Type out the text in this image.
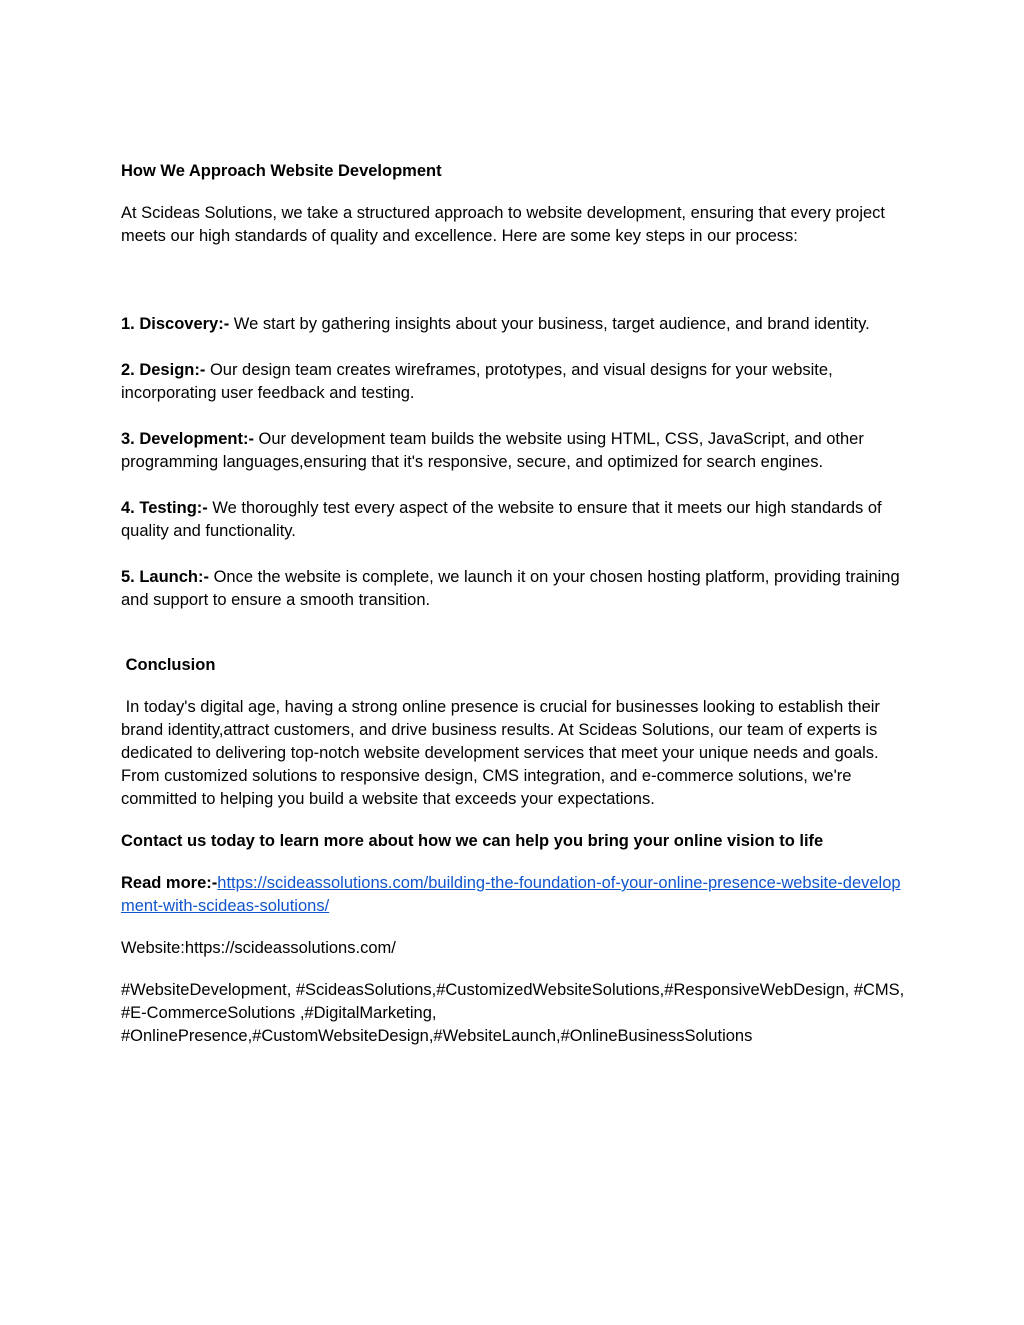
How We Approach Website Development

At Scideas Solutions, we take a structured approach to website development, ensuring that every project meets our high standards of quality and excellence. Here are some key steps in our process:

1. Discovery:- We start by gathering insights about your business, target audience, and brand identity.

2. Design:- Our design team creates wireframes, prototypes, and visual designs for your website, incorporating user feedback and testing.

3. Development:- Our development team builds the website using HTML, CSS, JavaScript, and other programming languages,ensuring that it's responsive, secure, and optimized for search engines.

4. Testing:- We thoroughly test every aspect of the website to ensure that it meets our high standards of quality and functionality.

5. Launch:- Once the website is complete, we launch it on your chosen hosting platform, providing training and support to ensure a smooth transition.

Conclusion

In today's digital age, having a strong online presence is crucial for businesses looking to establish their brand identity,attract customers, and drive business results. At Scideas Solutions, our team of experts is dedicated to delivering top-notch website development services that meet your unique needs and goals. From customized solutions to responsive design, CMS integration, and e-commerce solutions, we're committed to helping you build a website that exceeds your expectations.

Contact us today to learn more about how we can help you bring your online vision to life

Read more:-https://scideassolutions.com/building-the-foundation-of-your-online-presence-website-development-with-scideas-solutions/

Website:https://scideassolutions.com/

#WebsiteDevelopment, #ScideasSolutions,#CustomizedWebsiteSolutions,#ResponsiveWebDesign, #CMS,  #E-CommerceSolutions ,#DigitalMarketing, #OnlinePresence,#CustomWebsiteDesign,#WebsiteLaunch,#OnlineBusinessSolutions
